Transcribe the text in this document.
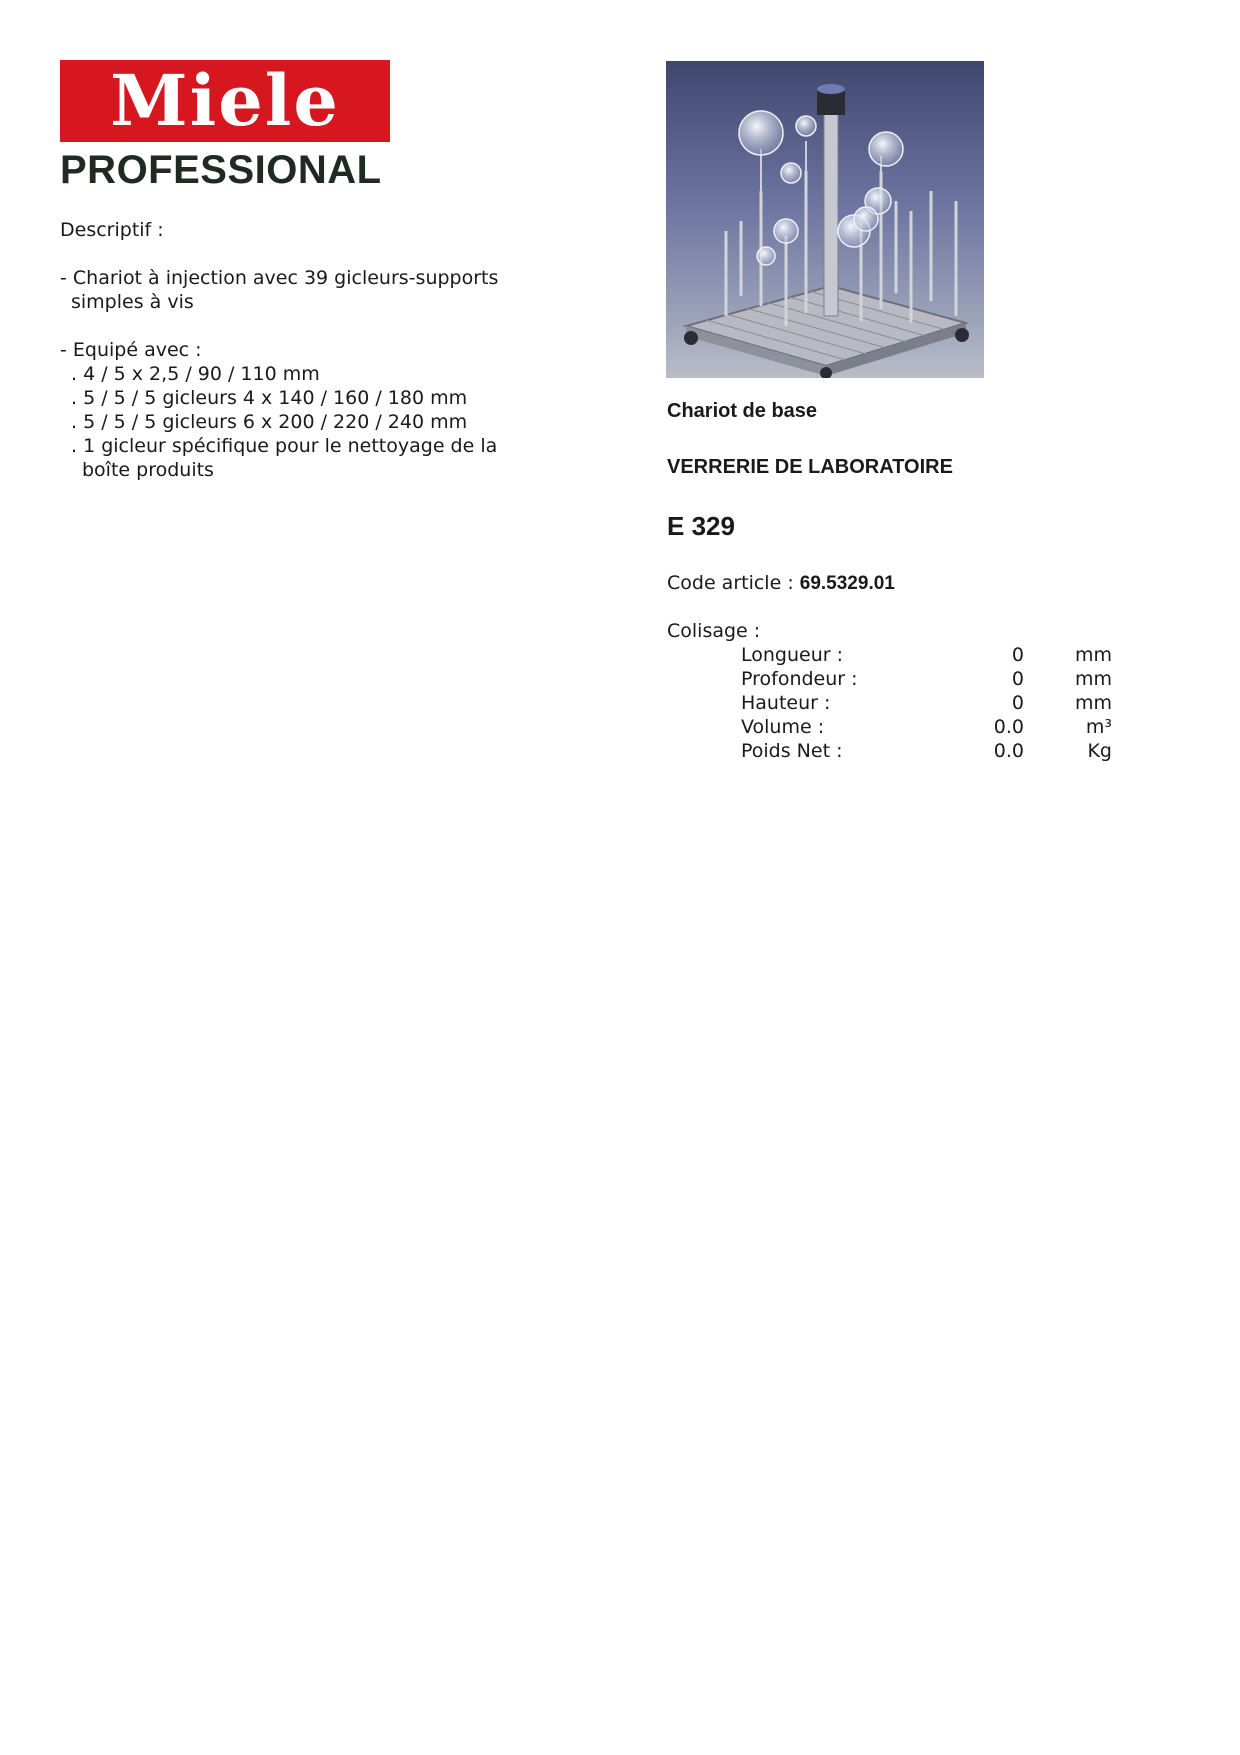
Miele
PROFESSIONAL
Descriptif :
- Chariot à injection avec 39 gicleurs-supports
simples à vis
- Equipé avec :
. 4 / 5 x 2,5 / 90 / 110 mm
. 5 / 5 / 5 gicleurs 4 x 140 / 160 / 180 mm
. 5 / 5 / 5 gicleurs 6 x 200 / 220 / 240 mm
. 1 gicleur spécifique pour le nettoyage de la
boîte produits
Chariot de base
VERRERIE DE LABORATOIRE
E 329
Code article : 69.5329.01
Colisage :
Longueur :	0	mm
Profondeur :	0	mm
Hauteur :	0	mm
Volume :	0.0	m³
Poids Net :	0.0	Kg
